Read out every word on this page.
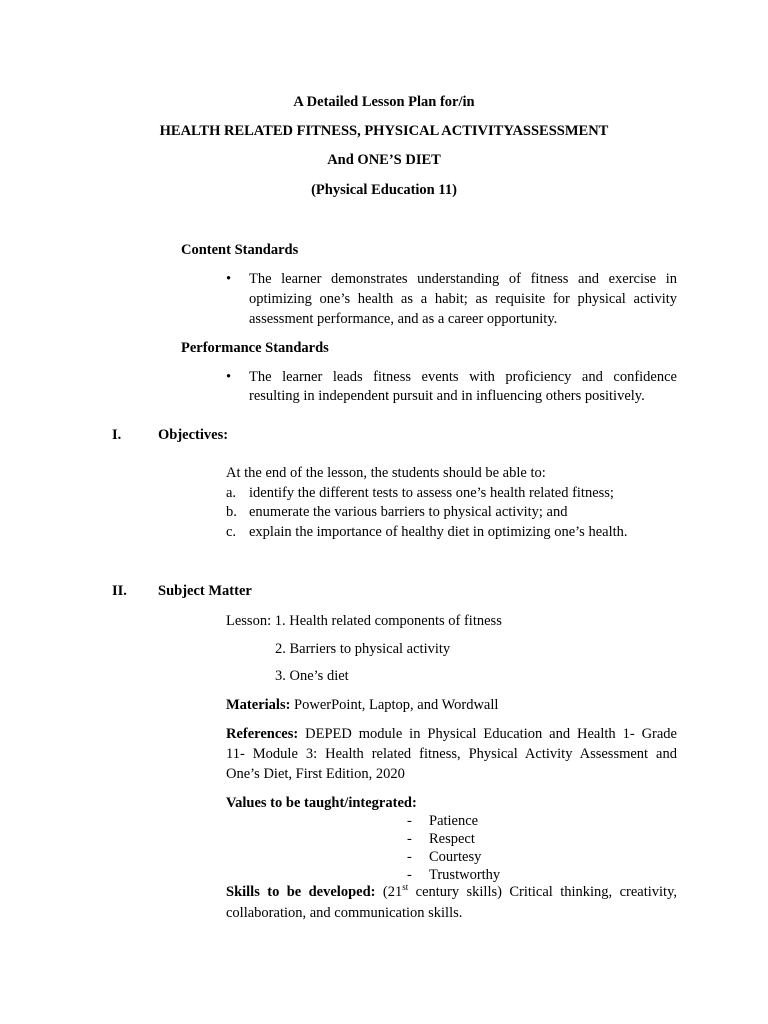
A Detailed Lesson Plan for/in
HEALTH RELATED FITNESS, PHYSICAL ACTIVITYASSESSMENT
And ONE’S DIET
(Physical Education 11)
Content Standards
• The learner demonstrates understanding of fitness and exercise in
optimizing one’s health as a habit; as requisite for physical activity
assessment performance, and as a career opportunity.
Performance Standards
• The learner leads fitness events with proficiency and confidence
resulting in independent pursuit and in influencing others positively.
I.	Objectives:
At the end of the lesson, the students should be able to:
a. identify the different tests to assess one’s health related fitness;
b. enumerate the various barriers to physical activity; and
c. explain the importance of healthy diet in optimizing one’s health.
II. Subject Matter
Lesson: 1. Health related components of fitness
2. Barriers to physical activity
3. One’s diet
Materials: PowerPoint, Laptop, and Wordwall
References: DEPED module in Physical Education and Health 1- Grade
11- Module 3: Health related fitness, Physical Activity Assessment and
One’s Diet, First Edition, 2020
Values to be taught/integrated:
- Patience
- Respect
- Courtesy
- Trustworthy
Skills to be developed: (21st century skills) Critical thinking, creativity,
collaboration, and communication skills.
